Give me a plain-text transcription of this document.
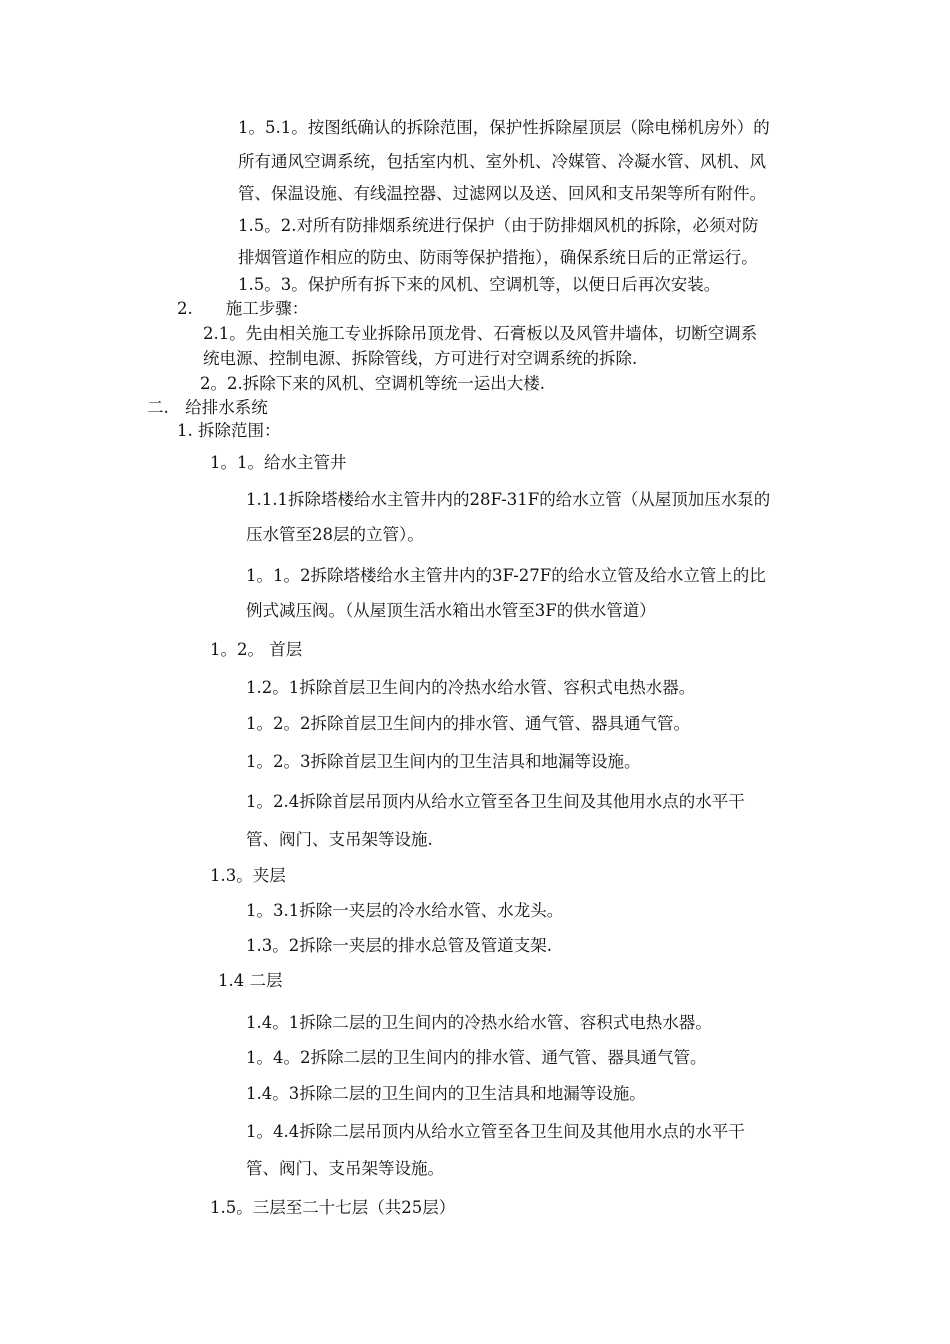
1。5.1。按图纸确认的拆除范围，保护性拆除屋顶层（除电梯机房外）的
所有通风空调系统，包括室内机、室外机、冷媒管、冷凝水管、风机、风
管、保温设施、有线温控器、过滤网以及送、回风和支吊架等所有附件。
1.5。2.对所有防排烟系统进行保护（由于防排烟风机的拆除，必须对防
排烟管道作相应的防虫、防雨等保护措拖），确保系统日后的正常运行。
1.5。3。保护所有拆下来的风机、空调机等，以便日后再次安装。
2.　　施工步骤：
2.1。先由相关施工专业拆除吊顶龙骨、石膏板以及风管井墙体，切断空调系
统电源、控制电源、拆除管线，方可进行对空调系统的拆除.
2。2.拆除下来的风机、空调机等统一运出大楼.
二.　给排水系统
1. 拆除范围：
1。1。给水主管井
1.1.1拆除塔楼给水主管井内的28F-31F的给水立管（从屋顶加压水泵的
压水管至28层的立管）。
1。1。2拆除塔楼给水主管井内的3F-27F的给水立管及给水立管上的比
例式减压阀。（从屋顶生活水箱出水管至3F的供水管道）
1。2。 首层
1.2。1拆除首层卫生间内的冷热水给水管、容积式电热水器。
1。2。2拆除首层卫生间内的排水管、通气管、器具通气管。
1。2。3拆除首层卫生间内的卫生洁具和地漏等设施。
1。2.4拆除首层吊顶内从给水立管至各卫生间及其他用水点的水平干
管、阀门、支吊架等设施.
1.3。夹层
1。3.1拆除一夹层的冷水给水管、水龙头。
1.3。2拆除一夹层的排水总管及管道支架.
1.4 二层
1.4。1拆除二层的卫生间内的冷热水给水管、容积式电热水器。
1。4。2拆除二层的卫生间内的排水管、通气管、器具通气管。
1.4。3拆除二层的卫生间内的卫生洁具和地漏等设施。
1。4.4拆除二层吊顶内从给水立管至各卫生间及其他用水点的水平干
管、阀门、支吊架等设施。
1.5。三层至二十七层（共25层）
